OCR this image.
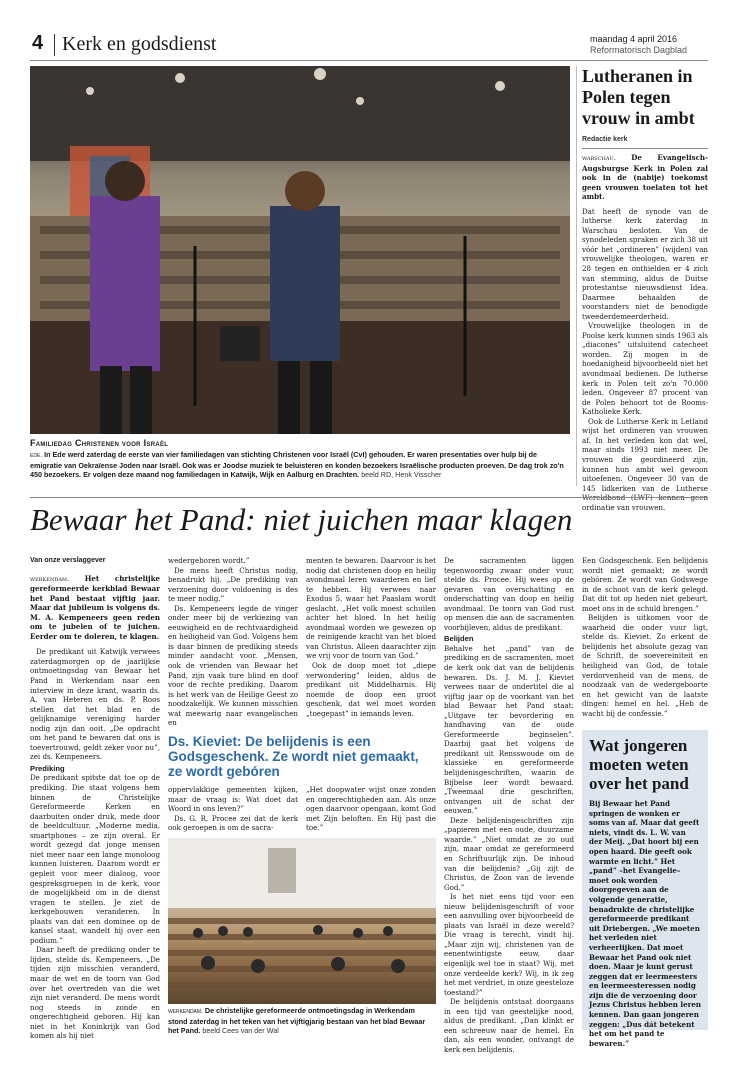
4 Kerk en godsdienst	maandag 4 april 2016
Reformatorisch Dagblad
Familiedag Christenen voor Israël
ede. In Ede werd zaterdag de eerste van vier familiedagen van stichting Christenen voor Israël (CvI) gehouden. Er waren presentaties over hulp bij de emigratie van Oekraïense Joden naar Israël. Ook was er Joodse muziek te beluisteren en konden bezoekers Israëlische producten proeven. De dag trok zo'n 450 bezoekers. Er volgen deze maand nog familiedagen in Katwijk, Wijk en Aalburg en Drachten. beeld RD, Henk Visscher
Lutheranen in Polen tegen vrouw in ambt
Redactie kerk

warschau. De Evangelisch-Augsburgse Kerk in Polen zal ook in de (nabije) toekomst geen vrouwen toelaten tot het ambt.

Dat heeft de synode van de lutherse kerk zaterdag in Warschau besloten. Van de synodeleden spraken er zich 38 uit vóór het „ordineren” (wijden) van vrouwelijke theologen, waren er 28 tegen en onthielden er 4 zich van stemming, aldus de Duitse protestantse nieuwsdienst Idea. Daarmee behaalden de voorstanders niet de benodigde tweederdemeerderheid.

Vrouwelijke theologen in de Poolse kerk kunnen sinds 1963 als „diacones” uitsluitend catecheet worden. Zij mogen in de hoedanigheid bijvoorbeeld niet het avondmaal bedienen. De lutherse kerk in Polen telt zo'n 70.000 leden. Ongeveer 87 procent van de Polen behoort tot de Rooms-Katholieke Kerk.

Ook de Lutherse Kerk in Letland wijst het ordineren van vrouwen af. In het verleden kon dat wel, maar sinds 1993 niet meer. De vrouwen die geordineerd zijn, kunnen hun ambt wel gewoon uitoefenen. Ongeveer 30 van de 145 lidkerken van de Lutherse ordinatie van vrouwen.

Bewaar het Pand: niet juichen maar klagen
Van onze verslaggever

werkendam. Het christelijke gereformeerde kerkblad Bewaar het Pand bestaat vijftig jaar. Maar dat jubileum is volgens ds. M. A. Kempeneers geen reden om te jubelen of te juichen. Eerder om te doleren, te klagen.

De predikant uit Katwijk verwees zaterdagmorgen op de jaarlijkse ontmoetingsdag van Bewaar het Pand in Werkendam naar een interview in deze krant, waarin ds. A. van Heteren en ds. P. Roos stellen dat het blad en de gelijknamige vereniging harder nodig zijn dan ooit. „De opdracht om het pand te bewaren dat ons is toevertrouwd, geldt zeker voor nu”, zei ds. Kempeneers.

Prediking

De predikant spitste dat toe op de prediking. Die staat volgens hem binnen de Christelijke Gereformeerde Kerken en daarbuiten onder druk, mede door de beeldcultuur. „Moderne media, smartphones – ze zijn overal. Er wordt gezegd dat jonge mensen niet meer naar een lange monoloog kunnen luisteren. Daarom wordt er gepleit voor meer dialoog, voor gespreksgroepen in de kerk, voor de mogelijkheid om in de dienst vragen te stellen. Je ziet de kerkgebouwen veranderen. In plaats van dat een dominee op de kansel staat, wandelt hij over een podium.”

Daar heeft de prediking onder te lijden, stelde ds. Kempeneers. „De tijden zijn misschien veranderd, maar de wet en de toorn van God over het overtreden van die wet zijn niet veranderd. De mens wordt nog steeds in zonde en ongerechtigheid geboren. Hij kan niet in het Koninkrijk van God komen als hij niet

wedergeboren wordt.”

De mens heeft Christus nodig, benadrukt hij. „De prediking van verzoening door voldoening is des te meer nodig.”

Ds. Kempeneers legde de vinger onder meer bij de verkiezing van eeuwigheid en de rechtvaardigheid en heiligheid van God. Volgens hem is daar binnen de prediking steeds minder aandacht voor. „Mensen, ook de vrienden van Bewaar het Pand, zijn vaak ture blind en doof voor de rechte prediking. Daarom is het werk van de Heilige Geest zo noodzakelijk. We kunnen misschien wat meewarig naar evangelischen en

menten te bewaren. Daarvoor is het nodig dat christenen doop en heilig avondmaal leren waarderen en lief te hebben. Hij verwees naar Exodus 5, waar het Paaslam wordt geslacht. „Het volk moest schuilen achter het bloed. In het heilig avondmaal worden we gewezen op de reinigende kracht van het bloed van Christus. Alleen daarachter zijn we vrij voor de toorn van God.”

Ook de doop moet tot „diepe verwondering” leiden, aldus de predikant uit Middelharnis. Hij noemde de doop een groot geschenk, dat wel moet worden „toegepast” in iemands leven.

Ds. Kieviet: De belijdenis is een Godsgeschenk. Ze wordt niet gemaakt, ze wordt gebóren

oppervlakkige gemeenten kijken, maar de vraag is: Wat doet dat Woord in ons leven?”

Ds. G. R. Procee zei dat de kerk ook geroepen is om de sacra-

„Het doopwater wijst onze zonden en ongerechtigheden aan. Als onze ogen daarvoor opengaan, komt God met Zijn beloften. En Hij past die toe.”

werkendam. De christelijke gereformeerde ontmoetingsdag in Werkendam stond zaterdag in het teken van het vijftigjarig bestaan van het blad Bewaar het Pand. beeld Cees van der Wal

De sacramenten liggen tegenwoordig zwaar onder vuur, stelde ds. Procee. Hij wees op de gevaren van overschatting en onderschatting van doop en heilig avondmaal. De toorn van God rust op mensen die aan de sacramenten voorbijleven, aldus de predikant.

Belijden

Behalve het „pand” van de prediking en de sacramenten, moet de kerk ook dat van de belijdenis bewaren. Ds. J. M. J. Kieviet verwees naar de ondertitel die al vijftig jaar op de voorkant van het blad Bewaar het Pand staat: „Uitgave ter bevordering en handhaving van de oude Gereformeerde beginselen”. Daarbij gaat het volgens de predikant uit Rensswoude om de klassieke en gereformeerde belijdenisgeschriften, waarin de Bijbelse leer wordt bewaard. „Tweemaal drie geschriften, ontvangen uit de schat der eeuwen.”

Deze belijdenisgeschriften zijn „papieren met een oude, duurzame waarde.” „Niet omdat ze zo oud zijn, maar omdat ze gereformeerd en Schriftuurlijk zijn. De inhoud van die belijdenis? „Gij zijt de Christus, de Zoon van de levende God.”

Is het niet eens tijd voor een nieuw belijdenisgeschrift of voor een aanvulling over bijvoorbeeld de plaats van Israël in deze wereld? Die vraag is terecht, vindt hij. „Maar zijn wij, christenen van de eenentwintigste eeuw, daar eigenlijk wel toe in staat? Wij, met onze verdeelde kerk? Wij, in ik zeg het met verdriet, in onze geesteloze toestand?”

De belijdenis ontstaat doorgaans in een tijd van geestelijke nood, aldus de predikant. „Dan klinkt er een schreeuw naar de hemel. En dan, als een wonder, ontvangt de kerk een belijdenis.

Een Godsgeschenk. Een belijdenis wordt niet gemaakt; ze wordt gebóren. Ze wordt van Godswege in de schoot van de kerk gelegd. Dat dit tot op heden niet gebeurt, moet ons in de schuld brengen.”

Belijden is uitkomen voor de waarheid die onder vuur ligt, stelde ds. Kieviet. Zo erkent de belijdenis het absolute gezag van de Schrift, de soevereiniteit en heiligheid van God, de totale verdorvenheid van de mens, de noodzaak van de wedergeboorte en het gewicht van de laatste dingen: hemel en hel. „Heb de wacht bij de confessie.”

Wat jongeren moeten weten over het pand
Bij Bewaar het Pand springen de wonken er soms van af. Maar dat geeft niets, vindt ds. L. W. van der Meij. „Dat hoort bij een open haard. Die geeft ook warmte en licht.” Het „pand” –het Evangelie– moet ook worden doorgegeven aan de volgende generatie, benadrukte de christelijke gereformeerde predikant uit Driebergen. „We moeten het verleden niet verheerlijken. Dat moet Bewaar het Pand ook niet doen. Maar je kunt gerust zeggen dat er leermeesters en leermeesteressen nodig zijn die de verzoening door Jezus Christus hebben leren kennen. Dan gaan jongeren zeggen: „Dus dát betekent het om het pand te bewaren.”
